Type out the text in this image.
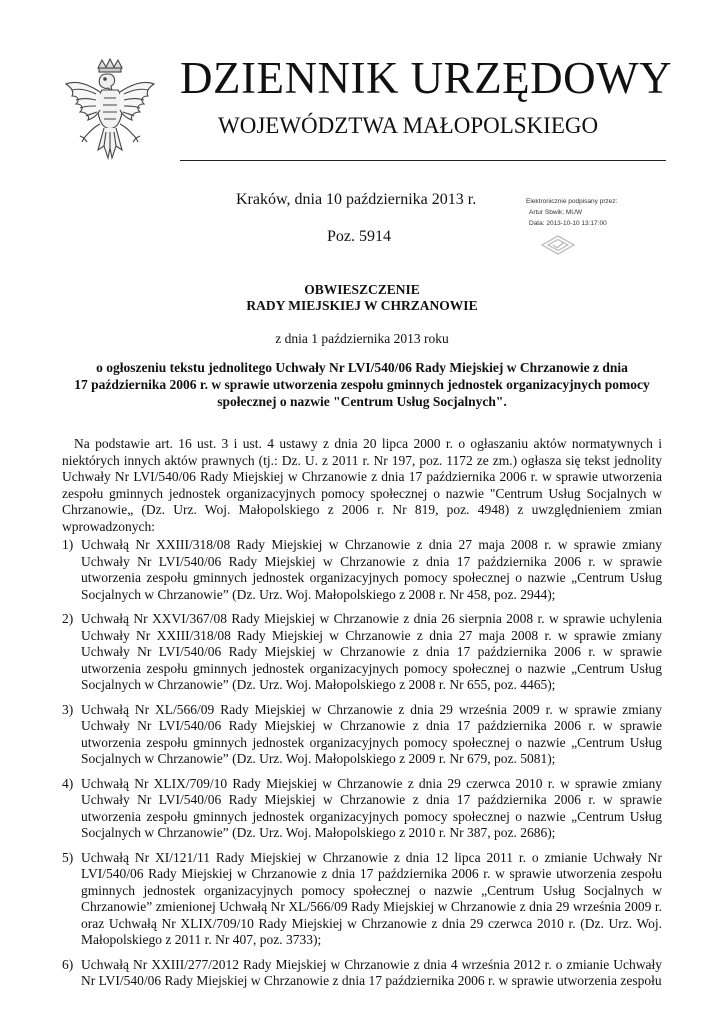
DZIENNIK URZĘDOWY
WOJEWÓDZTWA MAŁOPOLSKIEGO
Kraków, dnia 10 października 2013 r.
Poz. 5914
Elektronicznie podpisany przez:
Artur Sbwik; MUW
Data: 2013-10-10 13:17:00
OBWIESZCZENIE
RADY MIEJSKIEJ W CHRZANOWIE
z dnia 1 października 2013 roku
o ogłoszeniu tekstu jednolitego Uchwały Nr LVI/540/06 Rady Miejskiej w Chrzanowie z dnia
17 października 2006 r. w sprawie utworzenia zespołu gminnych jednostek organizacyjnych pomocy
społecznej o nazwie "Centrum Usług Socjalnych".
Na podstawie art. 16 ust. 3 i ust. 4 ustawy z dnia 20 lipca 2000 r. o ogłaszaniu aktów normatywnych i niektórych innych aktów prawnych (tj.: Dz. U. z 2011 r. Nr 197, poz. 1172 ze zm.) ogłasza się tekst jednolity Uchwały Nr LVI/540/06 Rady Miejskiej w Chrzanowie z dnia 17 października 2006 r. w sprawie utworzenia zespołu gminnych jednostek organizacyjnych pomocy społecznej o nazwie "Centrum Usług Socjalnych w Chrzanowie„ (Dz. Urz. Woj. Małopolskiego z 2006 r. Nr 819, poz. 4948) z uwzględnieniem zmian wprowadzonych:
1) Uchwałą Nr XXIII/318/08 Rady Miejskiej w Chrzanowie z dnia 27 maja 2008 r. w sprawie zmiany Uchwały Nr LVI/540/06 Rady Miejskiej w Chrzanowie z dnia 17 października 2006 r. w sprawie utworzenia zespołu gminnych jednostek organizacyjnych pomocy społecznej o nazwie „Centrum Usług Socjalnych w Chrzanowie” (Dz. Urz. Woj. Małopolskiego z 2008 r. Nr 458, poz. 2944);
2) Uchwałą Nr XXVI/367/08 Rady Miejskiej w Chrzanowie z dnia 26 sierpnia 2008 r. w sprawie uchylenia Uchwały Nr XXIII/318/08 Rady Miejskiej w Chrzanowie z dnia 27 maja 2008 r. w sprawie zmiany Uchwały Nr LVI/540/06 Rady Miejskiej w Chrzanowie z dnia 17 października 2006 r. w sprawie utworzenia zespołu gminnych jednostek organizacyjnych pomocy społecznej o nazwie „Centrum Usług Socjalnych w Chrzanowie” (Dz. Urz. Woj. Małopolskiego z 2008 r. Nr 655, poz. 4465);
3) Uchwałą Nr XL/566/09 Rady Miejskiej w Chrzanowie z dnia 29 września 2009 r. w sprawie zmiany Uchwały Nr LVI/540/06 Rady Miejskiej w Chrzanowie z dnia 17 października 2006 r. w sprawie utworzenia zespołu gminnych jednostek organizacyjnych pomocy społecznej o nazwie „Centrum Usług Socjalnych w Chrzanowie” (Dz. Urz. Woj. Małopolskiego z 2009 r. Nr 679, poz. 5081);
4) Uchwałą Nr XLIX/709/10 Rady Miejskiej w Chrzanowie z dnia 29 czerwca 2010 r. w sprawie zmiany Uchwały Nr LVI/540/06 Rady Miejskiej w Chrzanowie z dnia 17 października 2006 r. w sprawie utworzenia zespołu gminnych jednostek organizacyjnych pomocy społecznej o nazwie „Centrum Usług Socjalnych w Chrzanowie” (Dz. Urz. Woj. Małopolskiego z 2010 r. Nr 387, poz. 2686);
5) Uchwałą Nr XI/121/11 Rady Miejskiej w Chrzanowie z dnia 12 lipca 2011 r. o zmianie Uchwały Nr LVI/540/06 Rady Miejskiej w Chrzanowie z dnia 17 października 2006 r. w sprawie utworzenia zespołu gminnych jednostek organizacyjnych pomocy społecznej o nazwie „Centrum Usług Socjalnych w Chrzanowie” zmienionej Uchwałą Nr XL/566/09 Rady Miejskiej w Chrzanowie z dnia 29 września 2009 r. oraz Uchwałą Nr XLIX/709/10 Rady Miejskiej w Chrzanowie z dnia 29 czerwca 2010 r. (Dz. Urz. Woj. Małopolskiego z 2011 r. Nr 407, poz. 3733);
6) Uchwałą Nr XXIII/277/2012 Rady Miejskiej w Chrzanowie z dnia 4 września 2012 r. o zmianie Uchwały Nr LVI/540/06 Rady Miejskiej w Chrzanowie z dnia 17 października 2006 r. w sprawie utworzenia zespołu
